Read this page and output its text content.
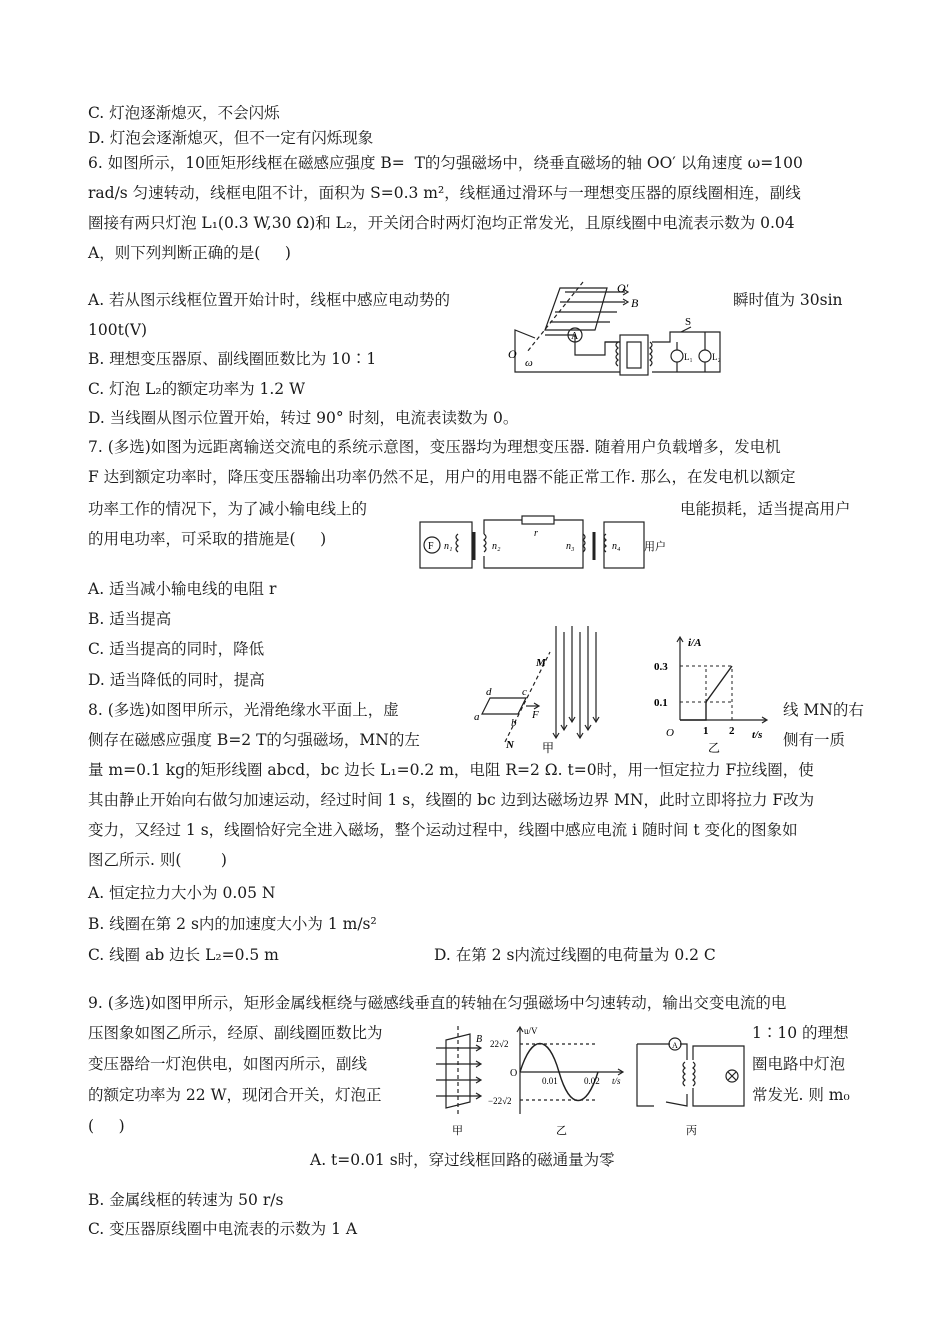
C. 灯泡逐渐熄灭，不会闪烁
D. 灯泡会逐渐熄灭，但不一定有闪烁现象
6. 如图所示，10匝矩形线框在磁感应强度 B=  T的匀强磁场中，绕垂直磁场的轴 OO′ 以角速度 ω=100
rad/s 匀速转动，线框电阻不计，面积为 S=0.3 m²，线框通过滑环与一理想变压器的原线圈相连，副线
圈接有两只灯泡 L₁(0.3 W,30 Ω)和 L₂，开关闭合时两灯泡均正常发光，且原线圈中电流表示数为 0.04
A，则下列判断正确的是(     )
A. 若从图示线框位置开始计时，线框中感应电动势的
100t(V)
B. 理想变压器原、副线圈匝数比为 10∶1
C. 灯泡 L₂的额定功率为 1.2 W
D. 当线圈从图示位置开始，转过 90° 时刻，电流表读数为 0。
7. (多选)如图为远距离输送交流电的系统示意图，变压器均为理想变压器. 随着用户负载增多，发电机
F 达到额定功率时，降压变压器输出功率仍然不足，用户的用电器不能正常工作. 那么，在发电机以额定
功率工作的情况下，为了减小输电线上的
的用电功率，可采取的措施是(     )
A. 适当减小输电线的电阻 r
B. 适当提高
C. 适当提高的同时，降低
D. 适当降低的同时，提高
8. (多选)如图甲所示，光滑绝缘水平面上，虚
侧存在磁感应强度 B=2 T的匀强磁场，MN的左
量 m=0.1 kg的矩形线圈 abcd，bc 边长 L₁=0.2 m，电阻 R=2 Ω. t=0时，用一恒定拉力 F拉线圈，使
其由静止开始向右做匀加速运动，经过时间 1 s，线圈的 bc 边到达磁场边界 MN，此时立即将拉力 F改为
变力，又经过 1 s，线圈恰好完全进入磁场，整个运动过程中，线圈中感应电流 i 随时间 t 变化的图象如
图乙所示. 则(        )
A. 恒定拉力大小为 0.05 N
B. 线圈在第 2 s内的加速度大小为 1 m/s²
C. 线圈 ab 边长 L₂=0.5 m
9. (多选)如图甲所示，矩形金属线框绕与磁感线垂直的转轴在匀强磁场中匀速转动，输出交变电流的电
压图象如图乙所示，经原、副线圈匝数比为
变压器给一灯泡供电，如图丙所示，副线
的额定功率为 22 W，现闭合开关，灯泡正
(     )
B. 金属线框的转速为 50 r/s
C. 变压器原线圈中电流表的示数为 1 A
瞬时值为 30sin
电能损耗，适当提高用户
线 MN的右
侧有一质
D. 在第 2 s内流过线圈的电荷量为 0.2 C
1∶10 的理想
圈电路中灯泡
常发光. 则 m₀
A. t=0.01 s时，穿过线框回路的磁通量为零
O′
B
O
ω
A
S
L₁ L₂
F n₁	n₂
r
n₃	n₄ 用户
M
N
a	b
c
d
F
甲
0.1
0.3
1 2
i/A
t/s
O
乙
B
u/V
22√2
−22√2
O
0.01	0.02 t/s
A
甲	乙	丙
